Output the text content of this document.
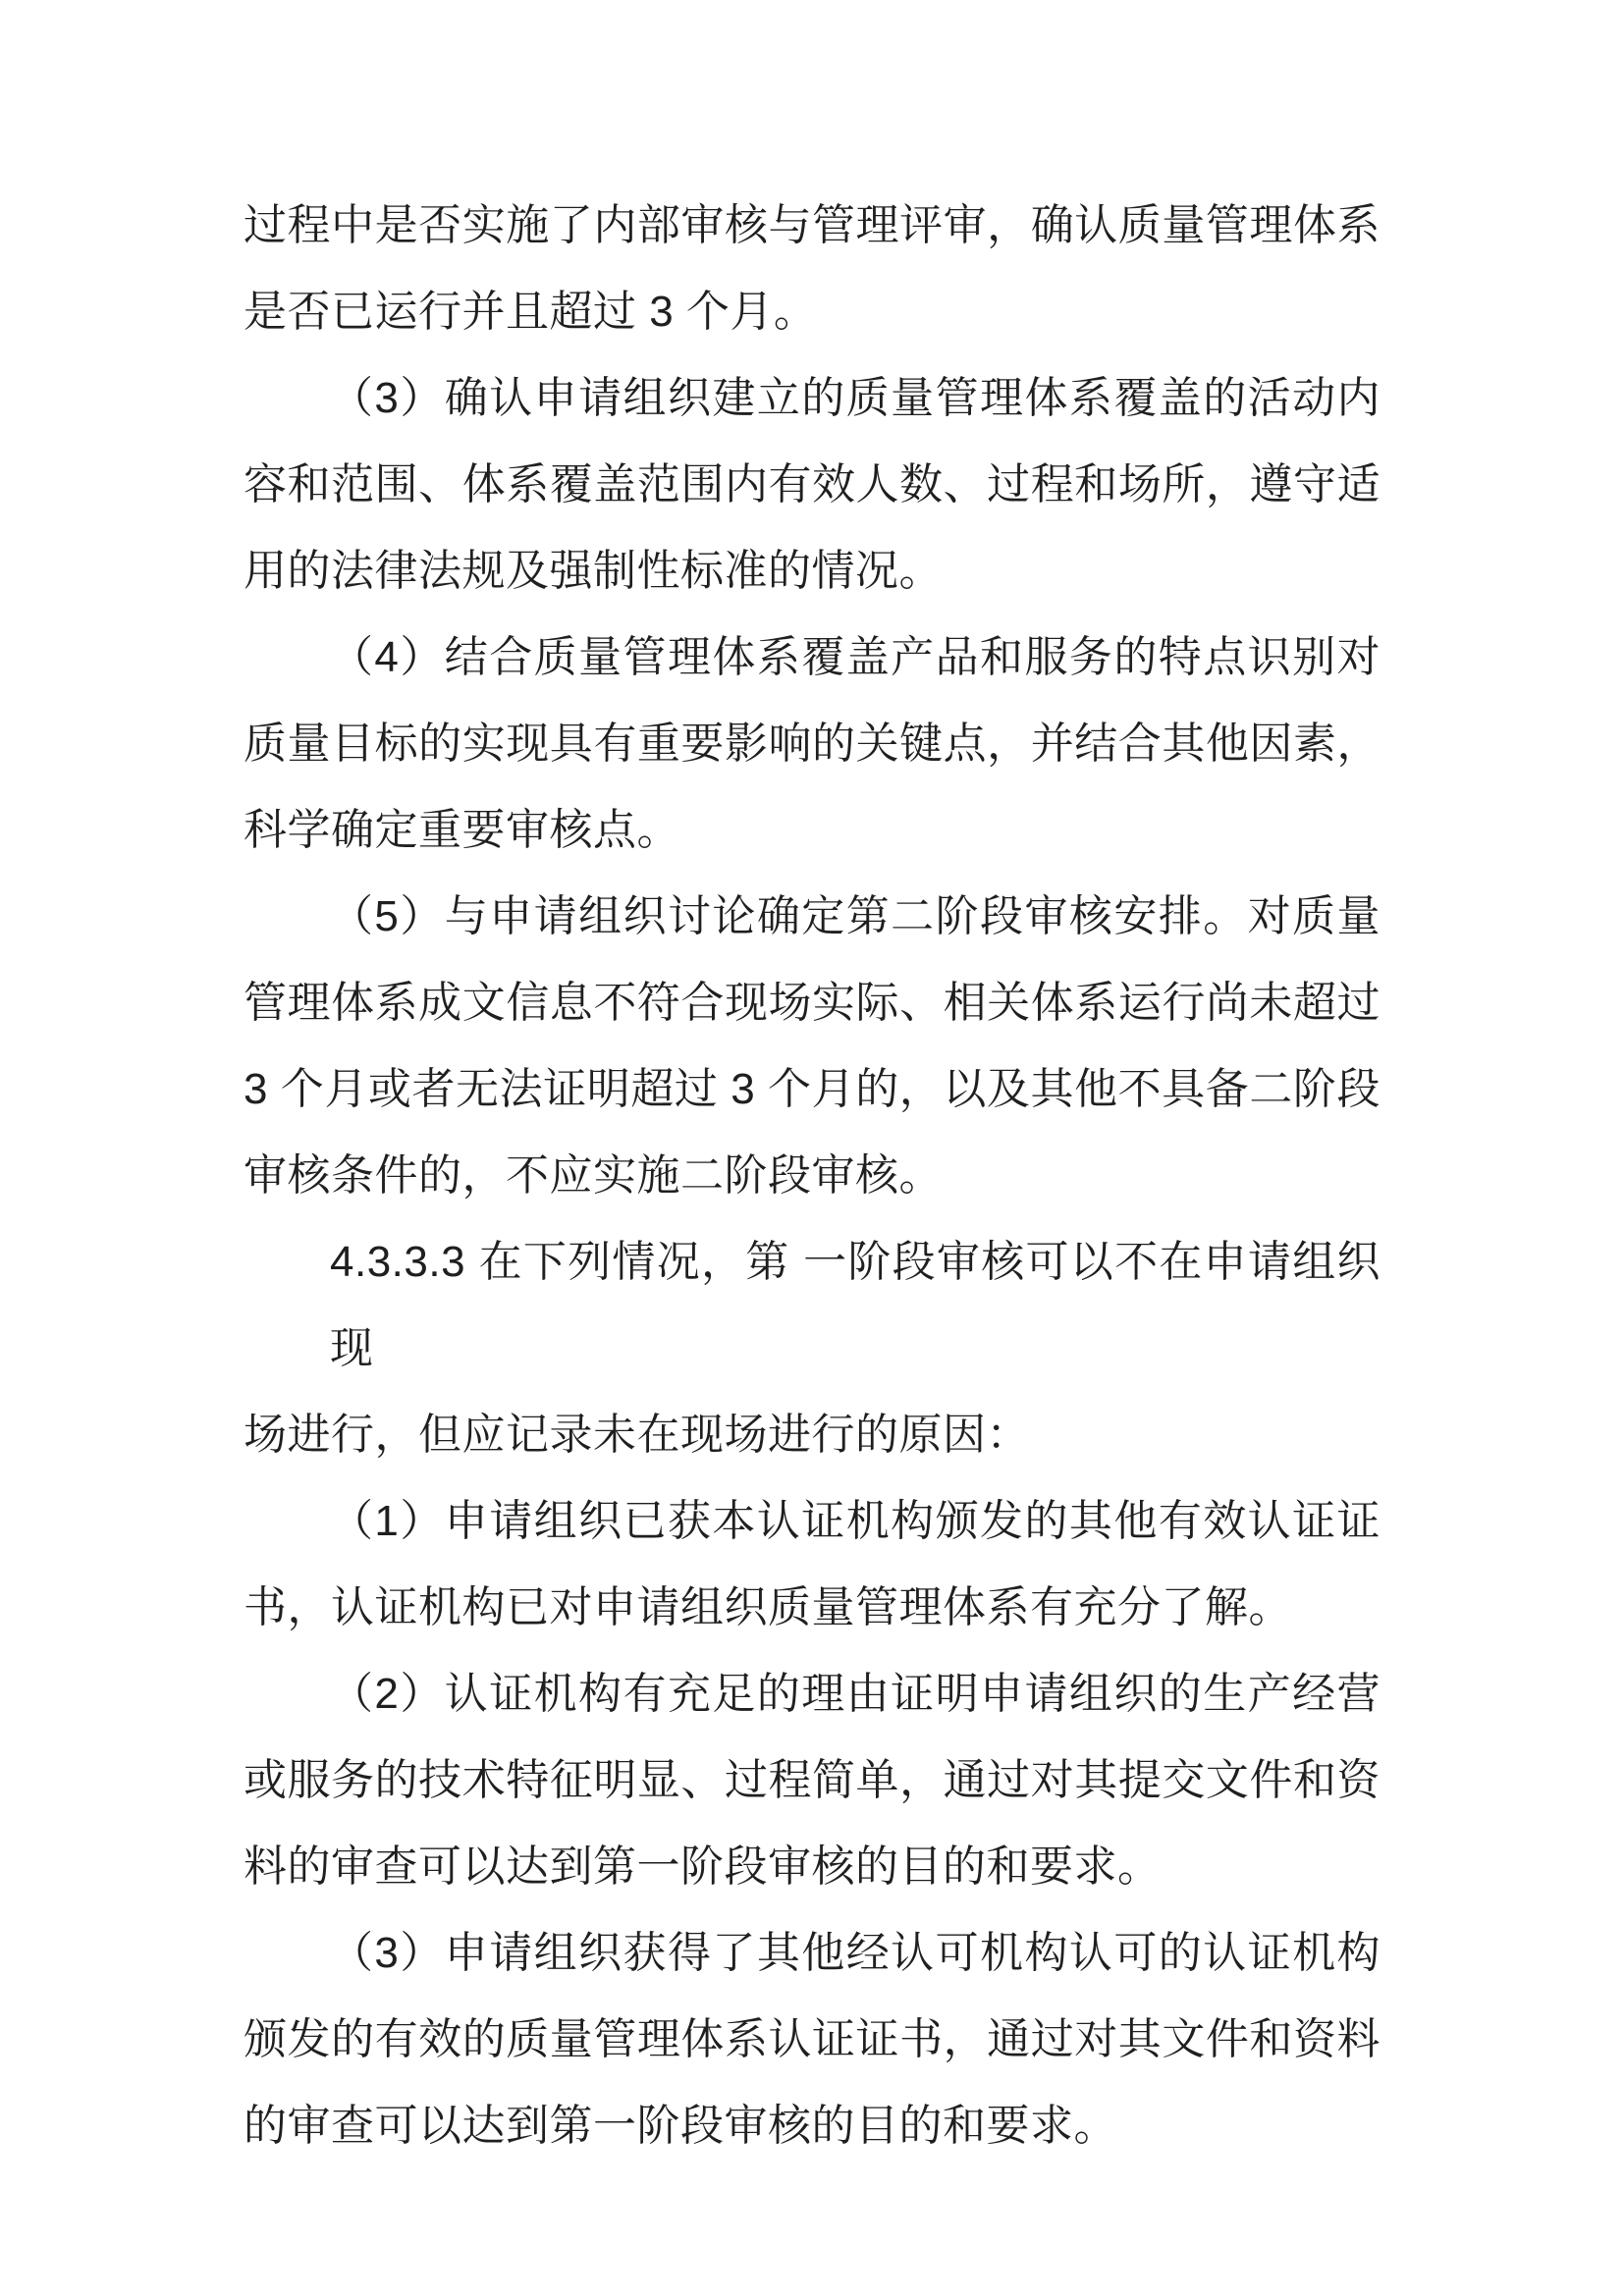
过程中是否实施了内部审核与管理评审，确认质量管理体系
是否已运行并且超过 3 个月。
（3）确认申请组织建立的质量管理体系覆盖的活动内
容和范围、体系覆盖范围内有效人数、过程和场所，遵守适
用的法律法规及强制性标准的情况。
（4）结合质量管理体系覆盖产品和服务的特点识别对
质量目标的实现具有重要影响的关键点，并结合其他因素，
科学确定重要审核点。
（5）与申请组织讨论确定第二阶段审核安排。对质量
管理体系成文信息不符合现场实际、相关体系运行尚未超过
3 个月或者无法证明超过 3 个月的，以及其他不具备二阶段
审核条件的，不应实施二阶段审核。
4.3.3.3 在下列情况，第 一阶段审核可以不在申请组织现
场进行，但应记录未在现场进行的原因：
（1）申请组织已获本认证机构颁发的其他有效认证证
书，认证机构已对申请组织质量管理体系有充分了解。
（2）认证机构有充足的理由证明申请组织的生产经营
或服务的技术特征明显、过程简单，通过对其提交文件和资
料的审查可以达到第一阶段审核的目的和要求。
（3）申请组织获得了其他经认可机构认可的认证机构
颁发的有效的质量管理体系认证证书，通过对其文件和资料
的审查可以达到第一阶段审核的目的和要求。
